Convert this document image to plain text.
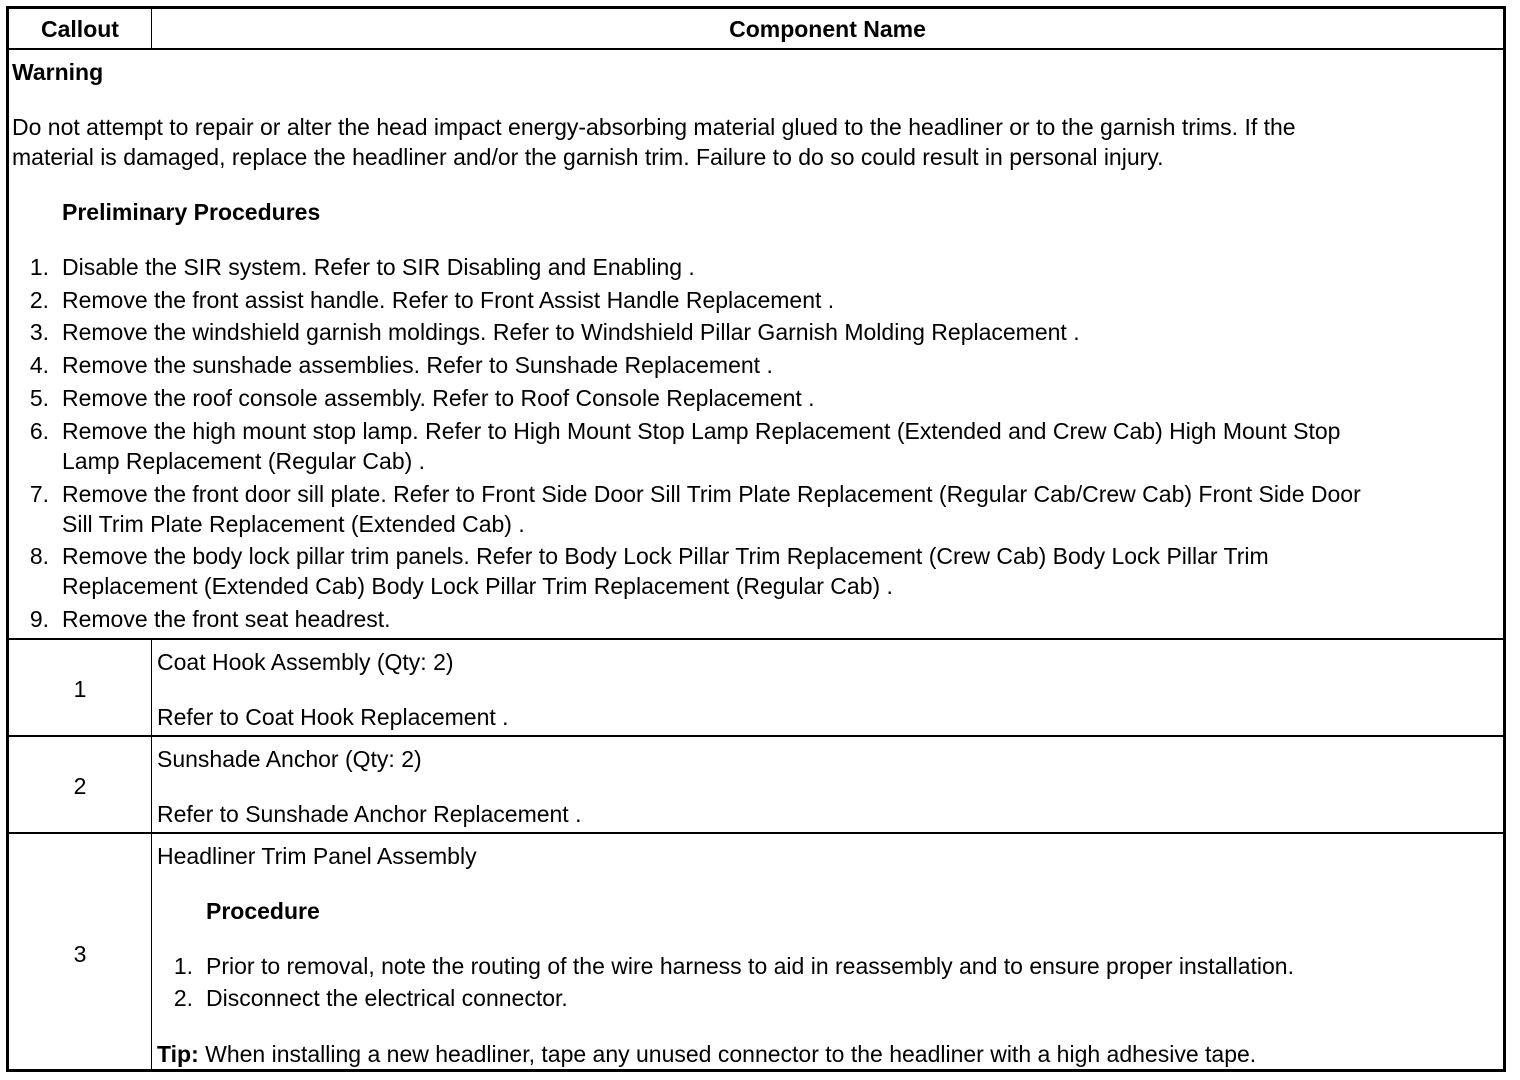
Callout	Component Name
Warning
Do not attempt to repair or alter the head impact energy-absorbing material glued to the headliner or to the garnish trims. If the
material is damaged, replace the headliner and/or the garnish trim. Failure to do so could result in personal injury.
Preliminary Procedures
1. Disable the SIR system. Refer to SIR Disabling and Enabling .
2. Remove the front assist handle. Refer to Front Assist Handle Replacement .
3. Remove the windshield garnish moldings. Refer to Windshield Pillar Garnish Molding Replacement .
4. Remove the sunshade assemblies. Refer to Sunshade Replacement .
5. Remove the roof console assembly. Refer to Roof Console Replacement .
6. Remove the high mount stop lamp. Refer to High Mount Stop Lamp Replacement (Extended and Crew Cab) High Mount Stop
Lamp Replacement (Regular Cab) .
7. Remove the front door sill plate. Refer to Front Side Door Sill Trim Plate Replacement (Regular Cab/Crew Cab) Front Side Door
Sill Trim Plate Replacement (Extended Cab) .
8. Remove the body lock pillar trim panels. Refer to Body Lock Pillar Trim Replacement (Crew Cab) Body Lock Pillar Trim
Replacement (Extended Cab) Body Lock Pillar Trim Replacement (Regular Cab) .
9. Remove the front seat headrest.
1
Coat Hook Assembly (Qty: 2)
Refer to Coat Hook Replacement .
2
Sunshade Anchor (Qty: 2)
Refer to Sunshade Anchor Replacement .
3
Headliner Trim Panel Assembly
Procedure
1. Prior to removal, note the routing of the wire harness to aid in reassembly and to ensure proper installation.
2. Disconnect the electrical connector.
Tip: When installing a new headliner, tape any unused connector to the headliner with a high adhesive tape.
